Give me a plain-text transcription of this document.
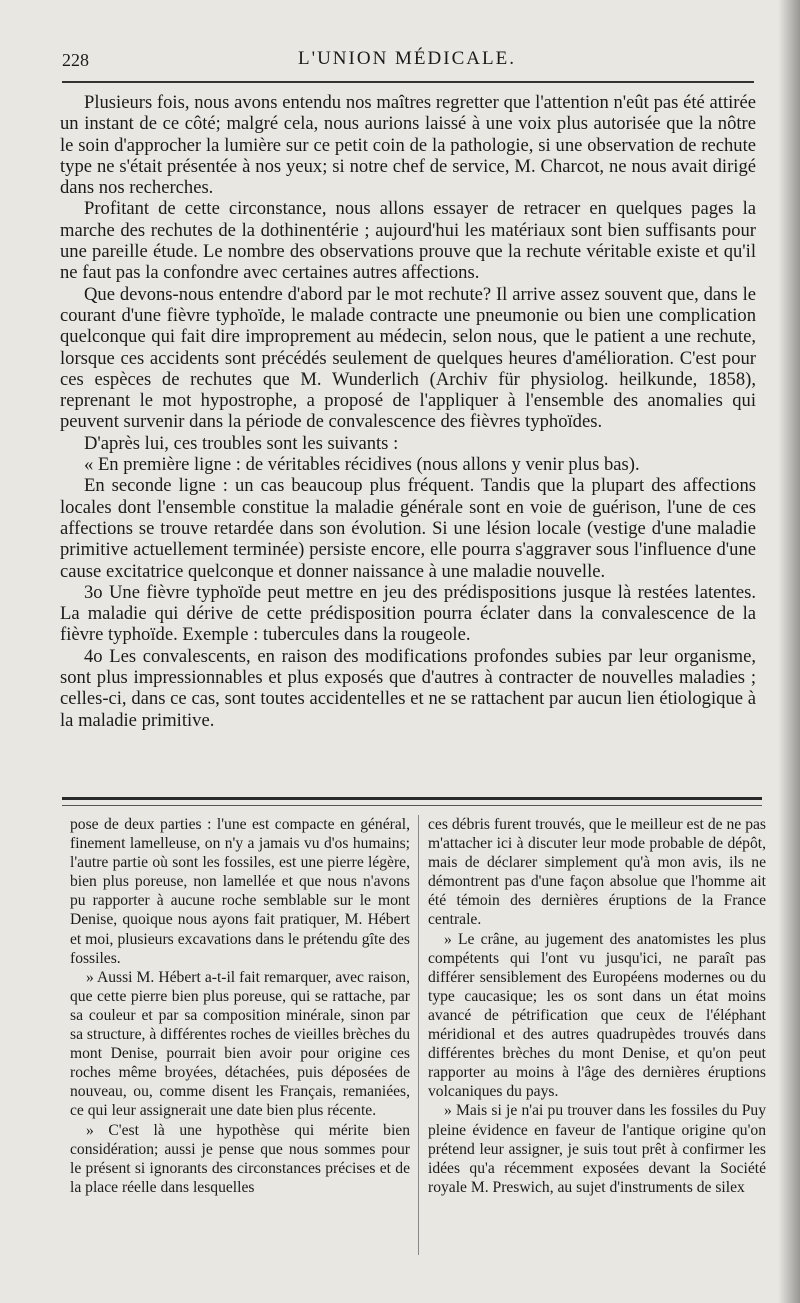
228	L'UNION MÉDICALE.

Plusieurs fois, nous avons entendu nos maîtres regretter que l'attention n'eût pas été attirée un instant de ce côté; malgré cela, nous aurions laissé à une voix plus autorisée que la nôtre le soin d'approcher la lumière sur ce petit coin de la pathologie, si une observation de rechute type ne s'était présentée à nos yeux; si notre chef de service, M. Charcot, ne nous avait dirigé dans nos recherches.

Profitant de cette circonstance, nous allons essayer de retracer en quelques pages la marche des rechutes de la dothinentérie ; aujourd'hui les matériaux sont bien suffisants pour une pareille étude. Le nombre des observations prouve que la rechute véritable existe et qu'il ne faut pas la confondre avec certaines autres affections.

Que devons-nous entendre d'abord par le mot rechute? Il arrive assez souvent que, dans le courant d'une fièvre typhoïde, le malade contracte une pneumonie ou bien une complication quelconque qui fait dire improprement au médecin, selon nous, que le patient a une rechute, lorsque ces accidents sont précédés seulement de quelques heures d'amélioration. C'est pour ces espèces de rechutes que M. Wunderlich (Archiv für physiolog. heilkunde, 1858), reprenant le mot hypostrophe, a proposé de l'appliquer à l'ensemble des anomalies qui peuvent survenir dans la période de convalescence des fièvres typhoïdes.

D'après lui, ces troubles sont les suivants :

« En première ligne : de véritables récidives (nous allons y venir plus bas).

En seconde ligne : un cas beaucoup plus fréquent. Tandis que la plupart des affections locales dont l'ensemble constitue la maladie générale sont en voie de guérison, l'une de ces affections se trouve retardée dans son évolution. Si une lésion locale (vestige d'une maladie primitive actuellement terminée) persiste encore, elle pourra s'aggraver sous l'influence d'une cause excitatrice quelconque et donner naissance à une maladie nouvelle.

3o Une fièvre typhoïde peut mettre en jeu des prédispositions jusque là restées latentes. La maladie qui dérive de cette prédisposition pourra éclater dans la convalescence de la fièvre typhoïde. Exemple : tubercules dans la rougeole.

4o Les convalescents, en raison des modifications profondes subies par leur organisme, sont plus impressionnables et plus exposés que d'autres à contracter de nouvelles maladies ; celles-ci, dans ce cas, sont toutes accidentelles et ne se rattachent par aucun lien étiologique à la maladie primitive.

pose de deux parties : l'une est compacte en général, finement lamelleuse, on n'y a jamais vu d'os humains; l'autre partie où sont les fossiles, est une pierre légère, bien plus poreuse, non lamellée et que nous n'avons pu rapporter à aucune roche semblable sur le mont Denise, quoique nous ayons fait pratiquer, M. Hébert et moi, plusieurs excavations dans le prétendu gîte des fossiles.

» Aussi M. Hébert a-t-il fait remarquer, avec raison, que cette pierre bien plus poreuse, qui se rattache, par sa couleur et par sa composition minérale, sinon par sa structure, à différentes roches de vieilles brèches du mont Denise, pourrait bien avoir pour origine ces roches même broyées, détachées, puis déposées de nouveau, ou, comme disent les Français, remaniées, ce qui leur assignerait une date bien plus récente.

» C'est là une hypothèse qui mérite bien considération; aussi je pense que nous sommes pour le présent si ignorants des circonstances précises et de la place réelle dans lesquelles

ces débris furent trouvés, que le meilleur est de ne pas m'attacher ici à discuter leur mode probable de dépôt, mais de déclarer simplement qu'à mon avis, ils ne démontrent pas d'une façon absolue que l'homme ait été témoin des dernières éruptions de la France centrale.

» Le crâne, au jugement des anatomistes les plus compétents qui l'ont vu jusqu'ici, ne paraît pas différer sensiblement des Européens modernes ou du type caucasique; les os sont dans un état moins avancé de pétrification que ceux de l'éléphant méridional et des autres quadrupèdes trouvés dans différentes brèches du mont Denise, et qu'on peut rapporter au moins à l'âge des dernières éruptions volcaniques du pays.

» Mais si je n'ai pu trouver dans les fossiles du Puy pleine évidence en faveur de l'antique origine qu'on prétend leur assigner, je suis tout prêt à confirmer les idées qu'a récemment exposées devant la Société royale M. Preswich, au sujet d'instruments de silex
